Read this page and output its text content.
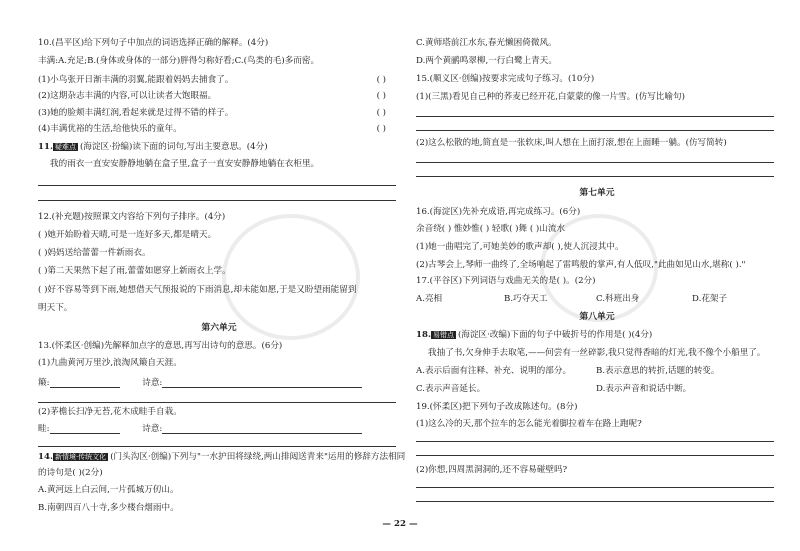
10.(昌平区)给下列句子中加点的词语选择正确的解释。(4分)
丰满:A.充足;B.(身体或身体的一部分)胖得匀称好看;C.(鸟类的毛)多而密。
(1)小鸟张开日渐丰满的羽翼,能跟着妈妈去捕食了。	( )
(2)这期杂志丰满的内容,可以让读者大饱眼福。	( )
(3)她的脸颊丰满红润,看起来就是过得不错的样子。	( )
(4)丰满优裕的生活,给他快乐的童年。	( )
11. 疑难点 (海淀区·扮编)读下面的词句,写出主要意思。(4分)
我的雨衣一直安安静静地躺在盒子里,盒子一直安安静静地躺在衣柜里。
12.(补充题)按照课文内容给下列句子排序。(4分)
( )她开始盼着天晴,可是一连好多天,都是晴天。
( )妈妈送给蕾蕾一件新雨衣。
( )第二天果然下起了雨,蕾蕾如愿穿上新雨衣上学。
( )好不容易等到下雨,她想借天气预报说的下雨消息,却未能如愿,于是又盼望雨能留到
明天下。
第六单元
13.(怀柔区·创编)先解释加点字的意思,再写出诗句的意思。(6分)
(1)九曲黄河万里沙,浪淘风簸自天涯。
簸:	诗意:
(2)茅檐长扫净无苔,花木成畦手自栽。
畦:	诗意:
14. 新情境·传统文化 (门头沟区·创编)下列与"一水护田将绿绕,两山排闼送青来"运用的修辞方法相同
的诗句是( )(2分)
A.黄河远上白云间,一片孤城万仞山。
B.南朝四百八十寺,多少楼台烟雨中。
C.黄师塔前江水东,春光懒困倚微风。
D.两个黄鹂鸣翠柳,一行白鹭上青天。
15.(顺义区·创编)按要求完成句子练习。(10分)
(1)(三黑)看见自己种的荞麦已经开花,白蒙蒙的像一片雪。(仿写比喻句)
(2)这么松散的地,简直是一张软床,叫人想在上面打滚,想在上面睡一躺。(仿写简转)
第七单元
16.(海淀区)先补充成语,再完成练习。(6分)
余音绕( ) 惟妙惟( ) 轻歌( )舞 ( )山流水
(1)她一曲唱完了,可她美妙的歌声却( ),使人沉浸其中。
(2)古琴会上,琴师一曲终了,全场响起了雷鸣般的掌声,有人低叹,"此曲如见山水,堪称( )."
17.(平谷区)下列词语与戏曲无关的是( )。(2分)
A.亮相	B.巧夺天工	C.科班出身	D.花架子
第八单元
18. 易错点 (海淀区·改编)下面的句子中破折号的作用是( )(4分)
我抽了书,欠身伸手去取笔,——何尝有一丝碎影,我只觉得香暗的灯光,我不像个小船里了。
A.表示后面有注释、补充、说明的部分。	B.表示意思的转折,话题的转变。
C.表示声音延长。	D.表示声音和说话中断。
19.(怀柔区)把下列句子改成陈述句。(8分)
(1)这么冷的天,那个拉车的怎么能光着脚拉着车在路上跑呢?
(2)你想,四周黑洞洞的,还不容易碰壁吗?
— 22 —
